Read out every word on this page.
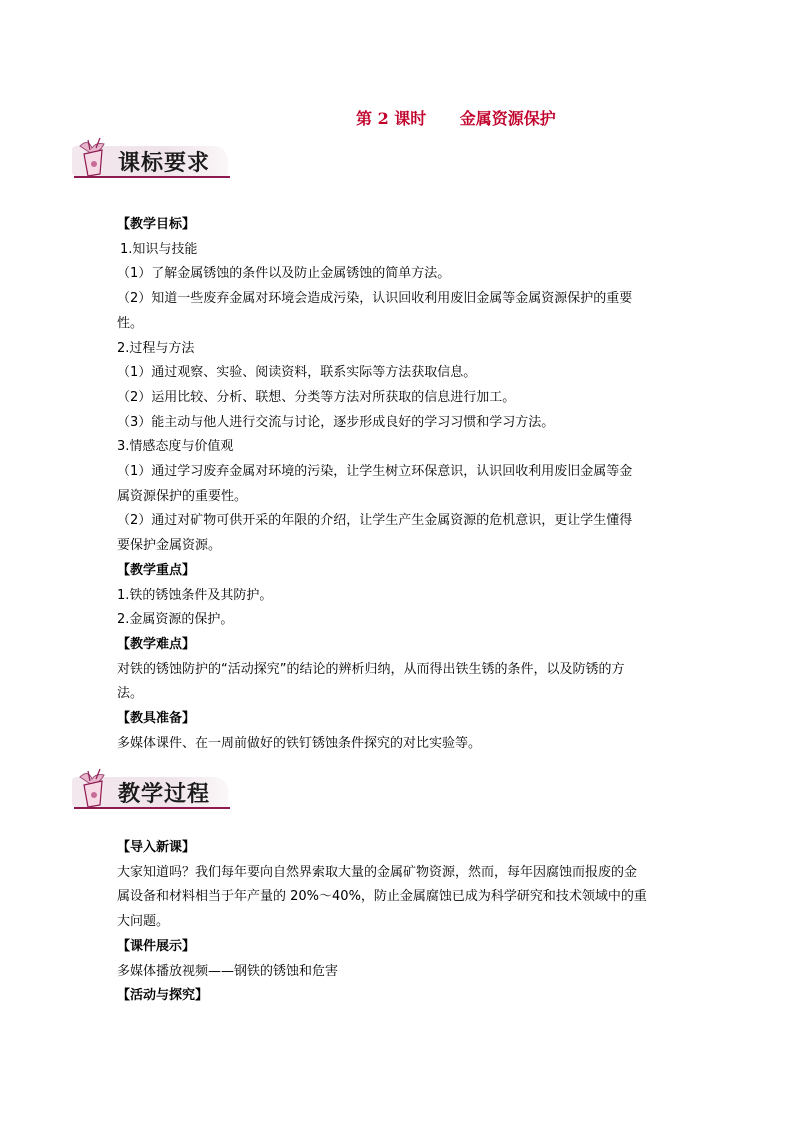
第 2 课时      金属资源保护
课标要求

【教学目标】

1.知识与技能

（1）了解金属锈蚀的条件以及防止金属锈蚀的简单方法。

（2）知道一些废弃金属对环境会造成污染，认识回收利用废旧金属等金属资源保护的重要

性。

2.过程与方法

（1）通过观察、实验、阅读资料，联系实际等方法获取信息。

（2）运用比较、分析、联想、分类等方法对所获取的信息进行加工。

（3）能主动与他人进行交流与讨论，逐步形成良好的学习习惯和学习方法。

3.情感态度与价值观

（1）通过学习废弃金属对环境的污染，让学生树立环保意识，认识回收利用废旧金属等金

属资源保护的重要性。

（2）通过对矿物可供开采的年限的介绍，让学生产生金属资源的危机意识，更让学生懂得

要保护金属资源。

【教学重点】

1.铁的锈蚀条件及其防护。

2.金属资源的保护。

【教学难点】

对铁的锈蚀防护的“活动探究”的结论的辨析归纳，从而得出铁生锈的条件，以及防锈的方

法。

【教具准备】

多媒体课件、在一周前做好的铁钉锈蚀条件探究的对比实验等。

教学过程

【导入新课】

大家知道吗？我们每年要向自然界索取大量的金属矿物资源，然而，每年因腐蚀而报废的金

属设备和材料相当于年产量的 20%～40%，防止金属腐蚀已成为科学研究和技术领域中的重

大问题。

【课件展示】

多媒体播放视频——钢铁的锈蚀和危害

【活动与探究】
